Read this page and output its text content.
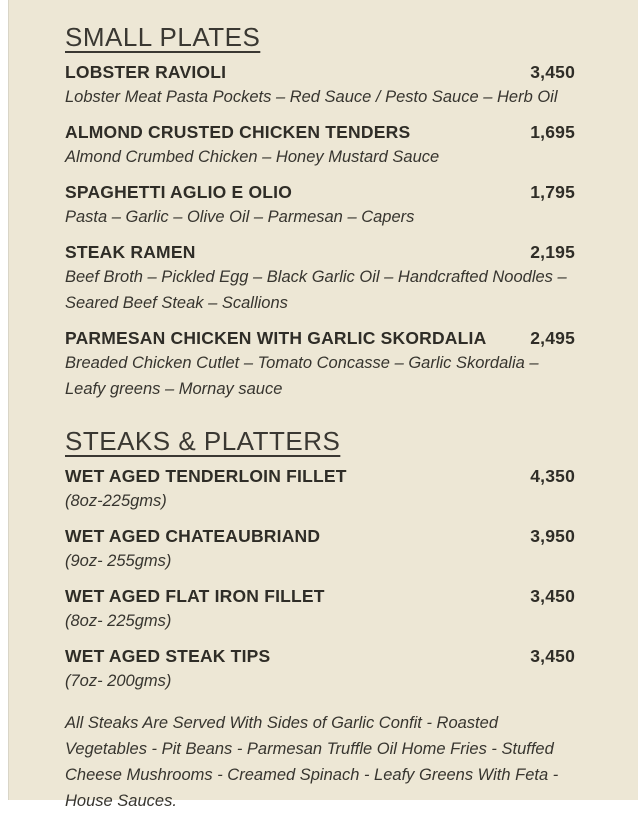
SMALL PLATES
LOBSTER RAVIOLI	3,450
Lobster Meat Pasta Pockets – Red Sauce / Pesto Sauce – Herb Oil
ALMOND CRUSTED CHICKEN TENDERS	1,695
Almond Crumbed Chicken – Honey Mustard Sauce
SPAGHETTI AGLIO E OLIO	1,795
Pasta – Garlic – Olive Oil – Parmesan – Capers
STEAK RAMEN	2,195
Beef Broth – Pickled Egg – Black Garlic Oil – Handcrafted Noodles – Seared Beef Steak – Scallions
PARMESAN CHICKEN WITH GARLIC SKORDALIA	2,495
Breaded Chicken Cutlet – Tomato Concasse – Garlic Skordalia – Leafy greens – Mornay sauce
STEAKS & PLATTERS
WET AGED TENDERLOIN FILLET	4,350
(8oz-225gms)
WET AGED CHATEAUBRIAND	3,950
(9oz- 255gms)
WET AGED FLAT IRON FILLET	3,450
(8oz- 225gms)
WET AGED STEAK TIPS	3,450
(7oz- 200gms)
All Steaks Are Served With Sides of Garlic Confit - Roasted Vegetables - Pit Beans - Parmesan Truffle Oil Home Fries - Stuffed Cheese Mushrooms - Creamed Spinach - Leafy Greens With Feta - House Sauces.
